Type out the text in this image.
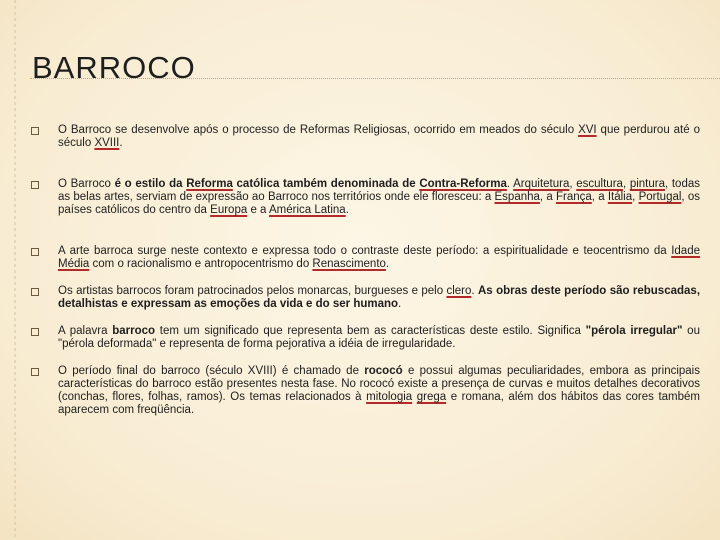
BARROCO

O Barroco se desenvolve após o processo de Reformas Religiosas, ocorrido em meados do século XVI que perdurou até o século XVIII.

O Barroco é o estilo da Reforma católica também denominada de Contra-Reforma. Arquitetura, escultura, pintura, todas as belas artes, serviam de expressão ao Barroco nos territórios onde ele floresceu: a Espanha, a França, a Itália, Portugal, os países católicos do centro da Europa e a América Latina.

A arte barroca surge neste contexto e expressa todo o contraste deste período: a espiritualidade e teocentrismo da Idade Média com o racionalismo e antropocentrismo do Renascimento.

Os artistas barrocos foram patrocinados pelos monarcas, burgueses e pelo clero. As obras deste período são rebuscadas, detalhistas e expressam as emoções da vida e do ser humano.

A palavra barroco tem um significado que representa bem as características deste estilo. Significa "pérola irregular" ou "pérola deformada" e representa de forma pejorativa a idéia de irregularidade.

O período final do barroco (século XVIII) é chamado de rococó e possui algumas peculiaridades, embora as principais características do barroco estão presentes nesta fase. No rococó existe a presença de curvas e muitos detalhes decorativos (conchas, flores, folhas, ramos). Os temas relacionados à mitologia grega e romana, além dos hábitos das cores também aparecem com freqüência.
